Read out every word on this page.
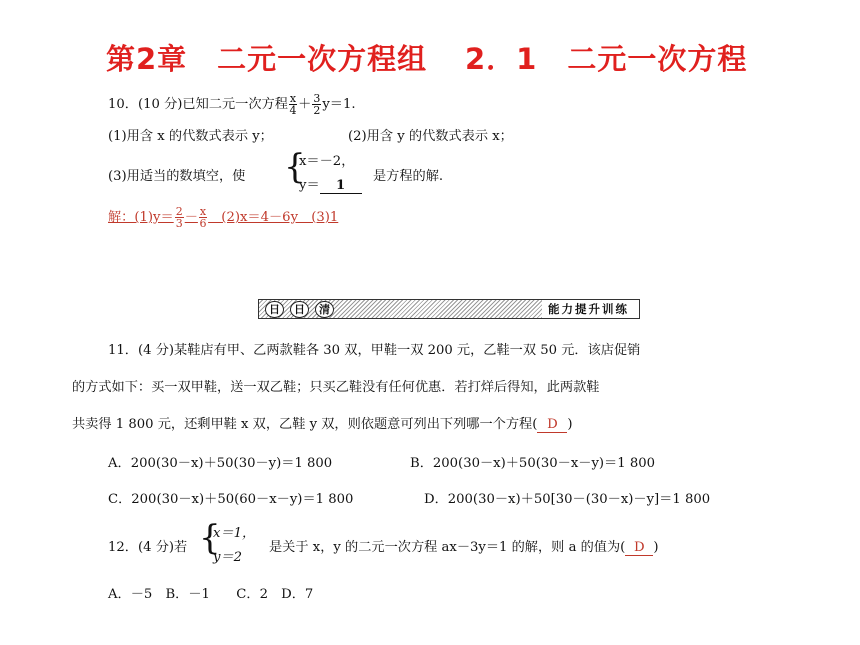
第2章　二元一次方程组 2．1　二元一次方程
10．(10 分)已知二元一次方程 $\frac{x}{4} + \frac{3}{2} y=1$.
(1)用含 x 的代数式表示 y；	(2)用含 y 的代数式表示 x；
(3)用适当的数填空，使 {
x＝－2，
y＝ 1
是方程的解.
解：$(1)y= \frac{2}{3} - \frac{x}{6}$ 　(2)x＝4－6y　(3)1
日	日	清	能力提升训练
11．(4 分)某鞋店有甲、乙两款鞋各 30 双，甲鞋一双 200 元，乙鞋一双 50 元．该店促销
的方式如下：买一双甲鞋，送一双乙鞋；只买乙鞋没有任何优惠．若打烊后得知，此两款鞋
共卖得 1 800 元，还剩甲鞋 x 双，乙鞋 y 双，则依题意可列出下列哪一个方程( D )
A．200(30－x)＋50(30－y)＝1 800	B．200(30－x)＋50(30－x－y)＝1 800
C．200(30－x)＋50(60－x－y)＝1 800	D．200(30－x)＋50[30－(30－x)－y]＝1 800
12．(4 分)若 {
x＝1，
y＝2
是关于 x，y 的二元一次方程 ax－3y＝1 的解，则 a 的值为( D )
A．－5　B．－1　　C．2　D．7
